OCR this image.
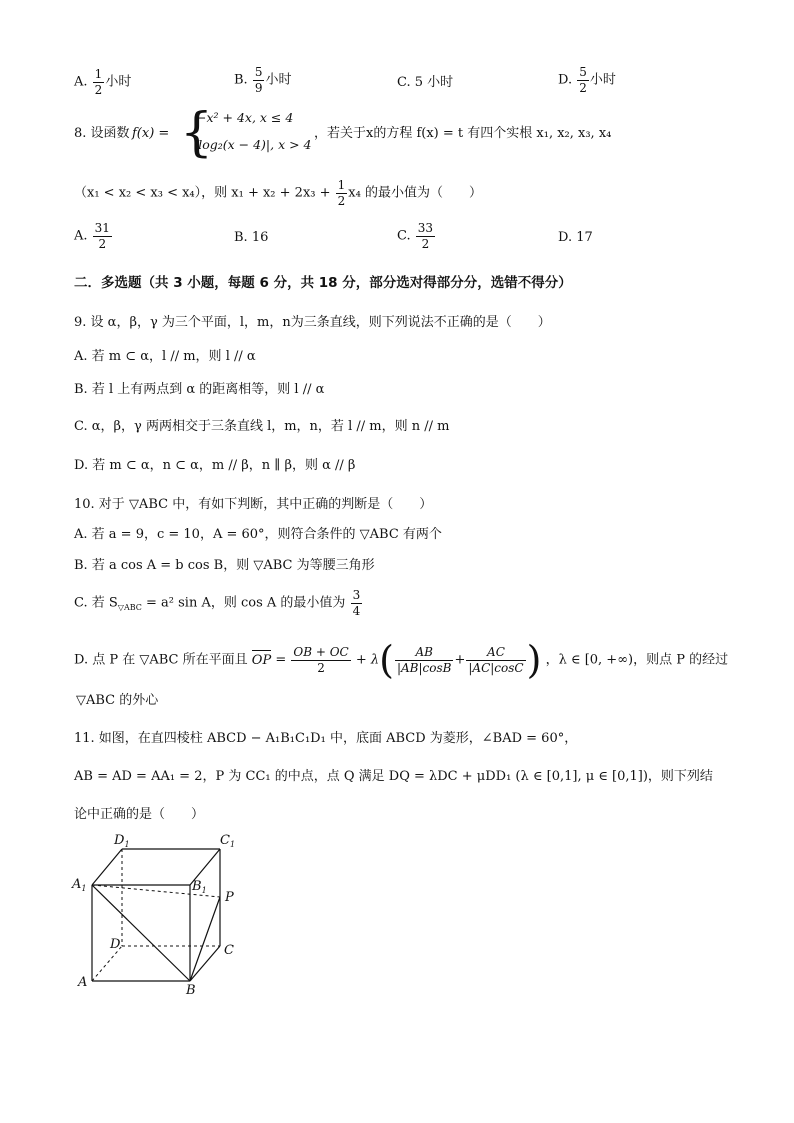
A. $\frac{1}{2}$ 小时	B. $\frac{5}{9}$ 小时	C. 5 小时	D. $\frac{5}{2}$ 小时
8. 设函数 f(x) = {
−x² + 4x, x ≤ 4
|log₂(x − 4)|, x > 4
，若关于x的方程 f(x) = t 有四个实根 x₁, x₂, x₃, x₄
（x₁ < x₂ < x₃ < x₄），则 $x_1 + x_2 + 2x_3 + \frac{1}{2} x_4$ 的最小值为（　　）
A. $\frac{31}{2}$	B. 16	C. $\frac{33}{2}$	D. 17
二．多选题（共 3 小题，每题 6 分，共 18 分，部分选对得部分分，选错不得分）
9. 设 α，β，γ 为三个平面，l，m，n为三条直线，则下列说法不正确的是（　　）
A. 若 m ⊂ α，l // m，则 l // α
B. 若 l 上有两点到 α 的距离相等，则 l // α
C. α，β，γ 两两相交于三条直线 l，m，n，若 l // m，则 n // m
D. 若 m ⊂ α，n ⊂ α，m // β，n ∥ β，则 α // β
10. 对于 ▽ABC 中，有如下判断，其中正确的判断是（　　）
A. 若 a = 9，c = 10，A = 60°，则符合条件的 ▽ABC 有两个
B. 若 a cos A = b cos B，则 ▽ABC 为等腰三角形
C. 若 $S_{▽ABC} = a^2$ sin A，则 cos A 的最小值为 $\frac{3}{4}$
D. 点 P 在 ▽ABC 所在平面且 OP = $\frac{OB + OC}{2} + \lambda( \frac{AB}{|AB|\cos B} + \frac{AC}{|AC|\cos C}$ ) ，λ ∈ [0, +∞)，则点 P 的经过
▽ABC 的外心
11. 如图，在直四棱柱 ABCD − A₁B₁C₁D₁ 中，底面 ABCD 为菱形，∠BAD = 60°，
AB = AD = AA₁ = 2，P 为 CC₁ 的中点，点 Q 满足 DQ = λDC + μDD₁ (λ ∈ [0,1], μ ∈ [0,1])，则下列结
论中正确的是（　　）
$D_1$	$C_1$
$A_1$	$B_1$ P
D	C
A
B
